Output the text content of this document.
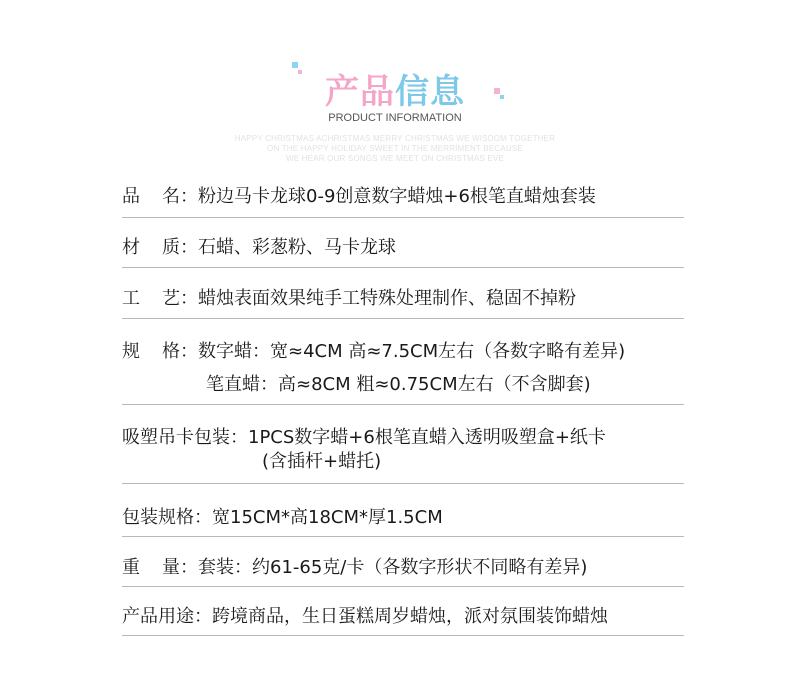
产品信息
PRODUCT INFORMATION
HAPPY CHRISTMAS ACHRISTMAS MERRY CHRISTMAS WE WISDOM TOGETHER
ON THE HAPPY HOLIDAY SWEET IN THE MERRIMENT BECAUSE
WE HEAR OUR SONGS WE MEET ON CHRISTMAS EVE
品 名：粉边马卡龙球0-9创意数字蜡烛+6根笔直蜡烛套装
材 质：石蜡、彩葱粉、马卡龙球
工 艺：蜡烛表面效果纯手工特殊处理制作、稳固不掉粉
规 格：数字蜡：宽≈4CM 高≈7.5CM左右（各数字略有差异)
笔直蜡：高≈8CM 粗≈0.75CM左右（不含脚套)
吸塑吊卡包装：1PCS数字蜡+6根笔直蜡入透明吸塑盒+纸卡
(含插杆+蜡托)
包装规格：宽15CM*高18CM*厚1.5CM
重 量：套装：约61-65克/卡（各数字形状不同略有差异)
产品用途：跨境商品，生日蛋糕周岁蜡烛，派对氛围装饰蜡烛
